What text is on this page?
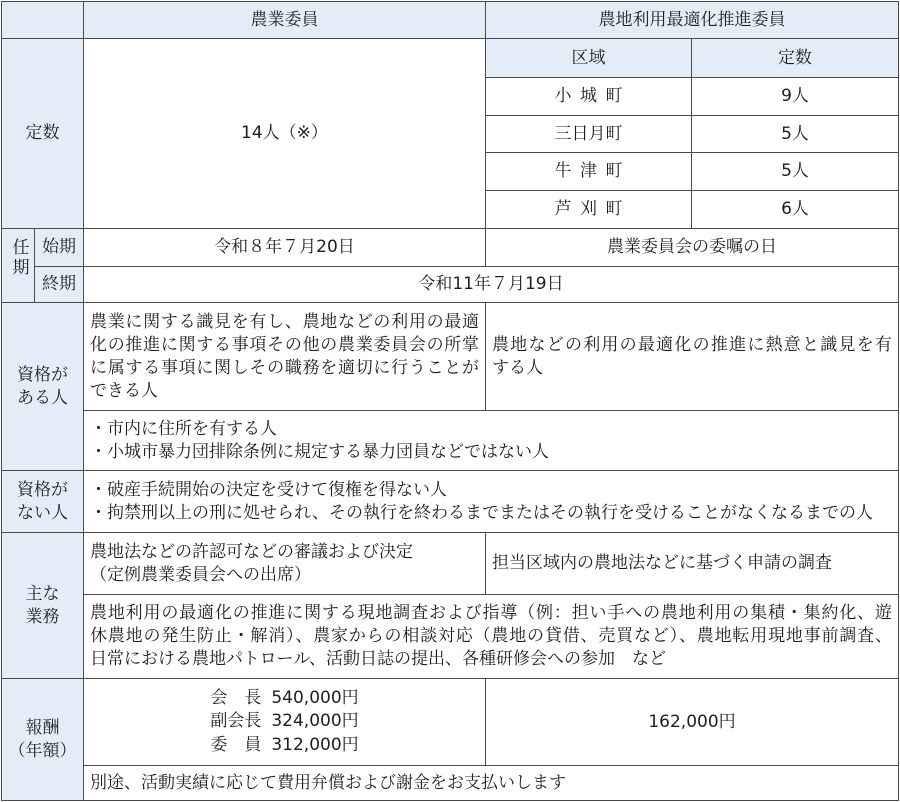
		農業委員	農地利用最適化推進委員	
定数		14人（※）	区域	定数
			小城町	9人
			三日月町	5人
			牛津町	5人
			芦刈町	6人
任期	始期	令和８年７月20日	農業委員会の委嘱の日	
	終期	令和11年７月19日		

資格が
ある人		農業に関する識見を有し、農地などの利用の最適
化の推進に関する事項その他の農業委員会の所掌
に属する事項に関しその職務を適切に行うことが
できる人	農地などの利用の最適化の推進に熱意と識見を有
する人	

		・市内に住所を有する人
・小城市暴力団排除条例に規定する暴力団員などではない人		

資格が
ない人		・破産手続開始の決定を受けて復権を得ない人
・拘禁刑以上の刑に処せられ、その執行を終わるまでまたはその執行を受けることがなくなるまでの人		

主な
業務		農地法などの許認可などの審議および決定
（定例農業委員会への出席）	担当区域内の農地法などに基づく申請の調査	

		農地利用の最適化の推進に関する現地調査および指導（例：担い手への農地利用の集積・集約化、遊
休農地の発生防止・解消）、農家からの相談対応（農地の貸借、売買など）、農地転用現地事前調査、
日常における農地パトロール、活動日誌の提出、各種研修会への参加　など		

報酬
（年額）		会長 540,000円
副会長 324,000円
委員 312,000円	162,000円	
		別途、活動実績に応じて費用弁償および謝金をお支払いします		
